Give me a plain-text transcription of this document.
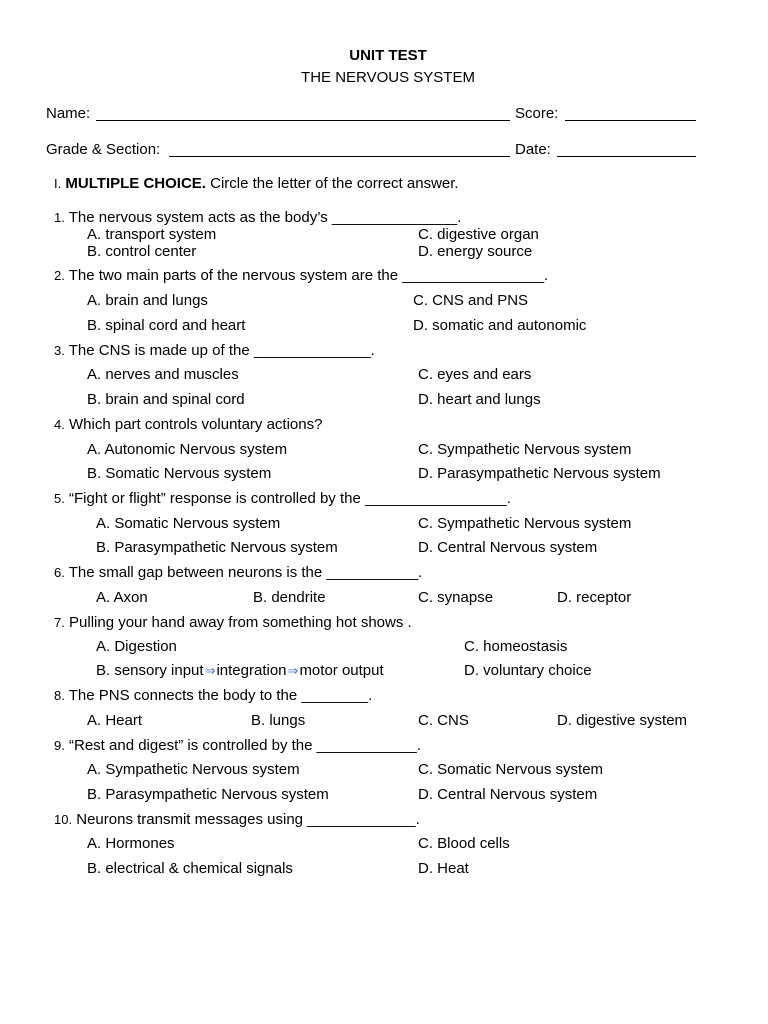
UNIT TEST
THE NERVOUS SYSTEM
Name:	Score:
Grade & Section:	Date:
I. MULTIPLE CHOICE. Circle the letter of the correct answer.
1. The nervous system acts as the body’s _______________.
A. transport system
B. control center
C. digestive organ
D. energy source
2. The two main parts of the nervous system are the _________________.
A. brain and lungs
B. spinal cord and heart
C. CNS and PNS
D. somatic and autonomic
3. The CNS is made up of the ______________.
A. nerves and muscles
B. brain and spinal cord
C. eyes and ears
D. heart and lungs
4. Which part controls voluntary actions?
A. Autonomic Nervous system
B. Somatic Nervous system
C. Sympathetic Nervous system
D. Parasympathetic Nervous system
5. “Fight or flight” response is controlled by the _________________.
A. Somatic Nervous system
B. Parasympathetic Nervous system
C. Sympathetic Nervous system
D. Central Nervous system
6. The small gap between neurons is the ___________.
A. Axon	B. dendrite	C. synapse	D. receptor
7. Pulling your hand away from something hot shows .
A. Digestion
B. sensory input⇒integration⇒motor output
C. homeostasis
D. voluntary choice
8. The PNS connects the body to the ________.
A. Heart	B. lungs	C. CNS	D. digestive system
9. “Rest and digest” is controlled by the ____________.
A. Sympathetic Nervous system
B. Parasympathetic Nervous system
C. Somatic Nervous system
D. Central Nervous system
10. Neurons transmit messages using _____________.
A. Hormones
B. electrical & chemical signals
C. Blood cells
D. Heat
